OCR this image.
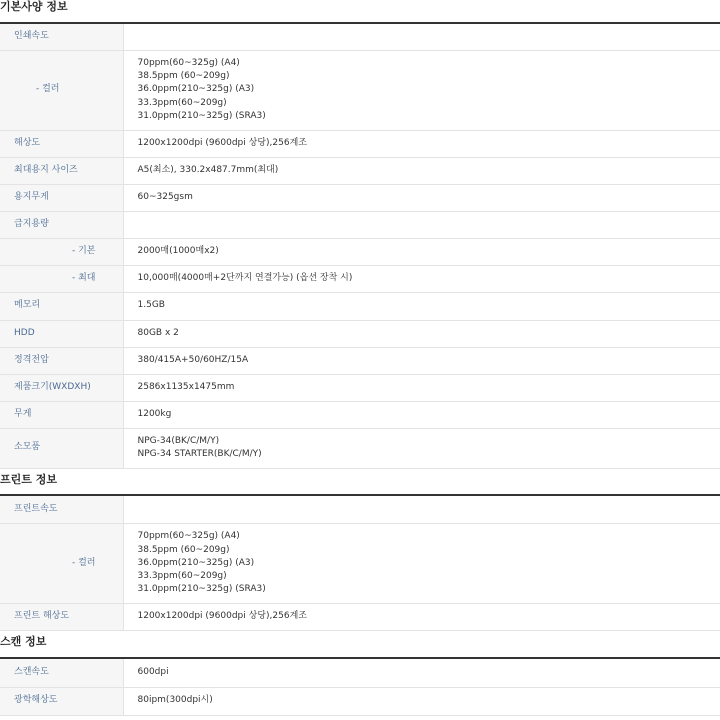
기본사양 정보
인쇄속도	

- 컬러	70ppm(60~325g) (A4)
38.5ppm (60~209g)
36.0ppm(210~325g) (A3)
33.3ppm(60~209g)
31.0ppm(210~325g) (SRA3)

해상도	1200x1200dpi (9600dpi 상당),256계조

최대용지 사이즈	A5(최소), 330.2x487.7mm(최대)

용지무게	60~325gsm

급지용량	

- 기본	2000매(1000매x2)

- 최대	10,000매(4000매+2단까지 연결가능) (옵션 장착 시)

메모리	1.5GB

HDD	80GB x 2

정격전압	380/415A+50/60HZ/15A

제품크기(WXDXH)	2586x1135x1475mm

무게	1200kg

소모품	NPG-34(BK/C/M/Y)
NPG-34 STARTER(BK/C/M/Y)
프린트 정보
프린트속도	

- 컬러	70ppm(60~325g) (A4)
38.5ppm (60~209g)
36.0ppm(210~325g) (A3)
33.3ppm(60~209g)
31.0ppm(210~325g) (SRA3)

프린트 해상도	1200x1200dpi (9600dpi 상당),256계조
스캔 정보
스캔속도	600dpi

광학해상도	80ipm(300dpi시)
